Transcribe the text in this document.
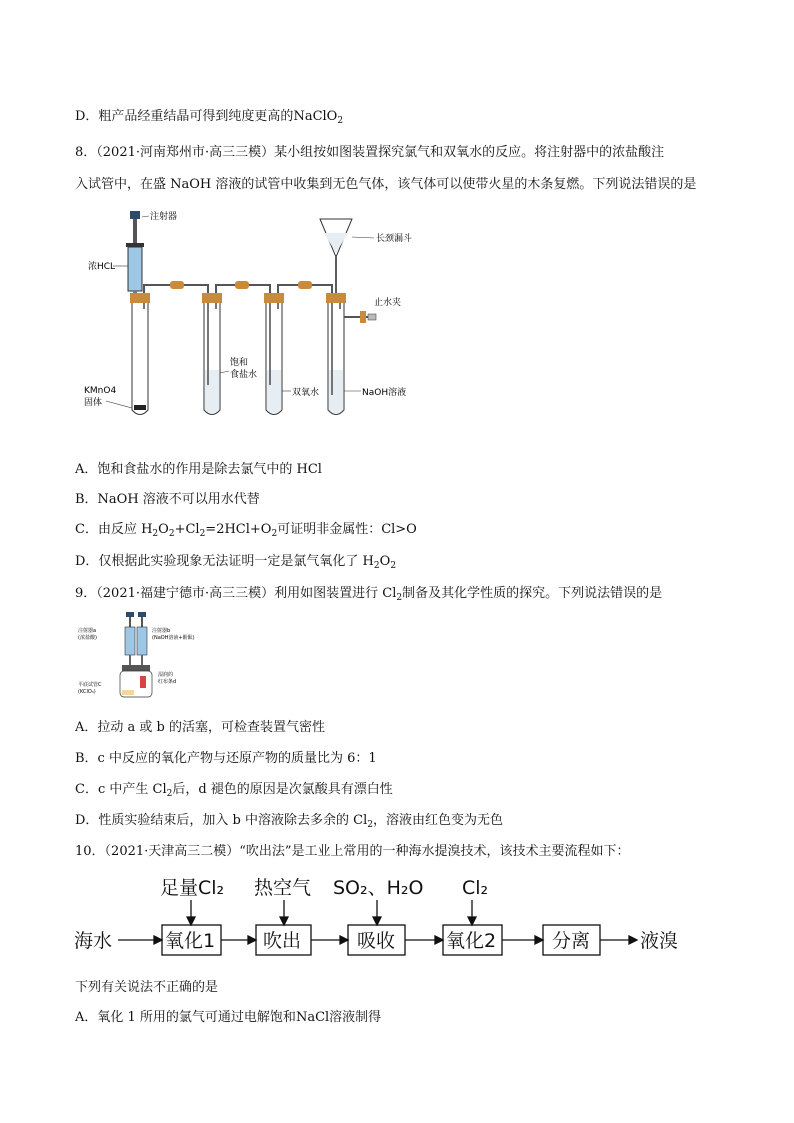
D．粗产品经重结晶可得到纯度更高的NaClO$_2$
8．（2021·河南郑州市·高三三模）某小组按如图装置探究氯气和双氧水的反应。将注射器中的浓盐酸注
入试管中，在盛 NaOH 溶液的试管中收集到无色气体，该气体可以使带火星的木条复燃。下列说法错误的是
注射器
浓HCL
长颈漏斗
止水夹
KMnO4
固体
饱和
食盐水
双氧水	NaOH溶液
A．饱和食盐水的作用是除去氯气中的 HCl
B．NaOH 溶液不可以用水代替
C．由反应 $H_2O_2+Cl_2=2HCl+O_2$可证明非金属性：Cl>O
D．仅根据此实验现象无法证明一定是氯气氧化了 $H_2O_2$
9．（2021·福建宁德市·高三三模）利用如图装置进行 $Cl_2$制备及其化学性质的探究。下列说法错误的是
注射器a
(浓盐酸)
注射器b
(NaOH溶液+酚酞)
平底试管C
(KClO₃)
湿润的
红布条d
A．拉动 a 或 b 的活塞，可检查装置气密性
B．c 中反应的氧化产物与还原产物的质量比为 6：1
C．c 中产生 $Cl_2$后，d 褪色的原因是次氯酸具有漂白性
D．性质实验结束后，加入 b 中溶液除去多余的 $Cl_2$，溶液由红色变为无色
10．（2021·天津高三二模）“吹出法”是工业上常用的一种海水提溴技术，该技术主要流程如下：
海水	氧化1	吹出	吸收	氧化2	分离	液溴
足量Cl₂ 热空气 SO₂、H₂O Cl₂
下列有关说法不正确的是
A．氧化 1 所用的氯气可通过电解饱和NaCl溶液制得
